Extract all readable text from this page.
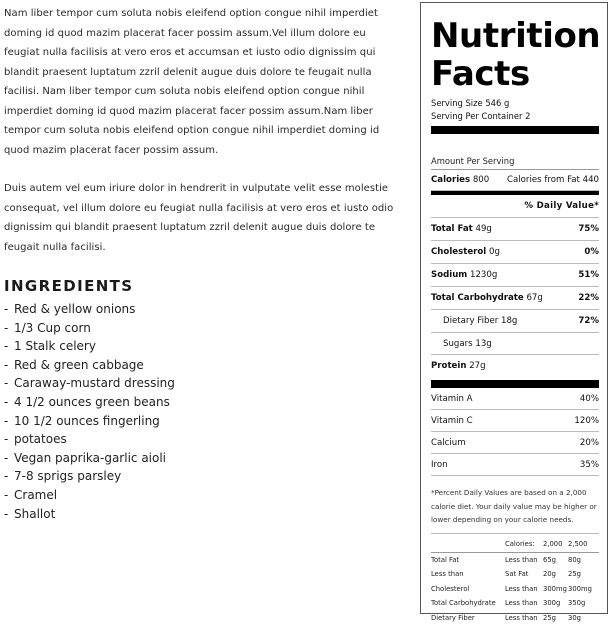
Nam liber tempor cum soluta nobis eleifend option congue nihil imperdiet doming id quod mazim placerat facer possim assum.Vel illum dolore eu feugiat nulla facilisis at vero eros et accumsan et iusto odio dignissim qui blandit praesent luptatum zzril delenit augue duis dolore te feugait nulla facilisi. Nam liber tempor cum soluta nobis eleifend option congue nihil imperdiet doming id quod mazim placerat facer possim assum.Nam liber tempor cum soluta nobis eleifend option congue nihil imperdiet doming id quod mazim placerat facer possim assum.

Duis autem vel eum iriure dolor in hendrerit in vulputate velit esse molestie consequat, vel illum dolore eu feugiat nulla facilisis at vero eros et iusto odio dignissim qui blandit praesent luptatum zzril delenit augue duis dolore te feugait nulla facilisi.

INGREDIENTS
- Red & yellow onions
- 1/3 Cup corn
- 1 Stalk celery
- Red & green cabbage
- Caraway-mustard dressing
- 4 1/2 ounces green beans
- 10 1/2 ounces fingerling
- potatoes
- Vegan paprika-garlic aioli
- 7-8 sprigs parsley
- Cramel
- Shallot
Nutrition
Facts
Serving Size 546 g
Serving Per Container 2
Amount Per Serving
Calories 800 Calories from Fat 440
% Daily Value*
Total Fat 49g	75%
Cholesterol 0g	0%
Sodium 1230g	51%
Total Carbohydrate 67g	22%
Dietary Fiber 18g	72%
Sugars 13g
Protein 27g
Vitamin A	40%
Vitamin C	120%
Calcium	20%
Iron	35%
*Percent Daily Values are based on a 2,000 calorie diet. Your daily value may be higher or lower depending on your calorie needs.
	Calories:	2,000	2,500
Total Fat	Less than	65g	80g
Less than	Sat Fat	20g	25g
Cholesterol	Less than	300mg	300mg
Total Carbohydrate	Less than	300g	350g
Dietary Fiber	Less than	25g	30g
